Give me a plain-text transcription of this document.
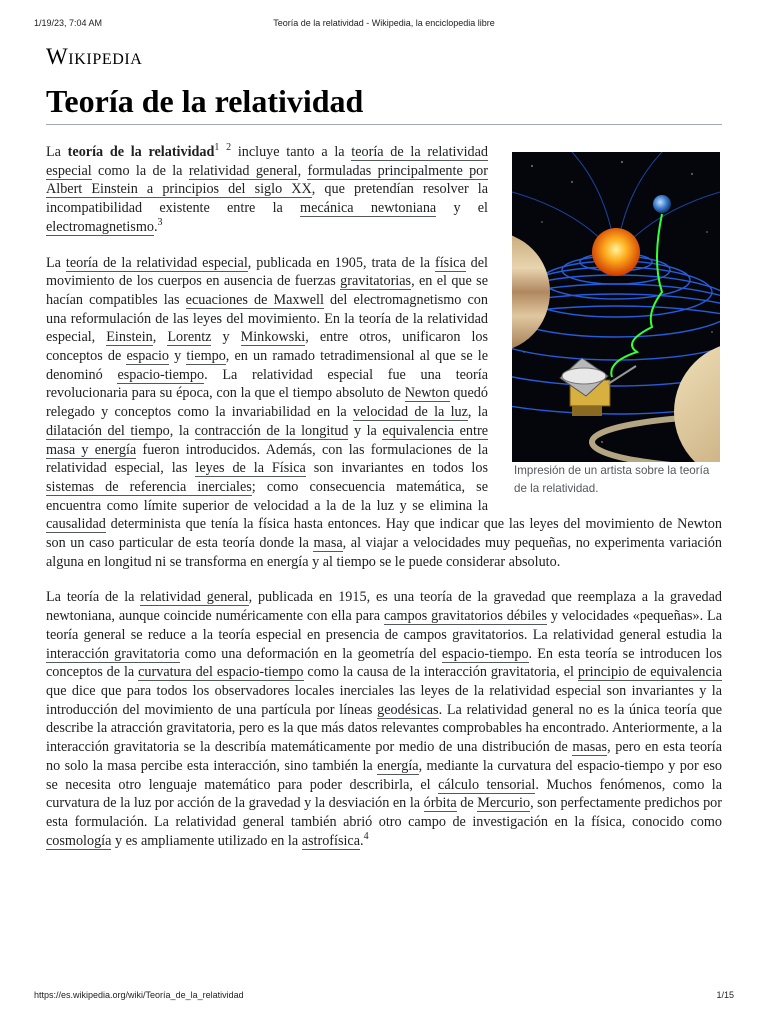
1/19/23, 7:04 AM	Teoría de la relatividad - Wikipedia, la enciclopedia libre
Wikipedia
Teoría de la relatividad
Impresión de un artista sobre la teoría de la relatividad.

La teoría de la relatividad$^1$ $^2$ incluye tanto a la teoría de la relatividad especial como la de la relatividad general, formuladas principalmente por Albert Einstein a principios del siglo XX, que pretendían resolver la incompatibilidad existente entre la mecánica newtoniana y el electromagnetismo.$^3$

La teoría de la relatividad especial, publicada en 1905, trata de la física del movimiento de los cuerpos en ausencia de fuerzas gravitatorias, en el que se hacían compatibles las ecuaciones de Maxwell del electromagnetismo con una reformulación de las leyes del movimiento. En la teoría de la relatividad especial, Einstein, Lorentz y Minkowski, entre otros, unificaron los conceptos de espacio y tiempo, en un ramado tetradimensional al que se le denominó espacio-tiempo. La relatividad especial fue una teoría revolucionaria para su época, con la que el tiempo absoluto de Newton quedó relegado y conceptos como la invariabilidad en la velocidad de la luz, la dilatación del tiempo, la contracción de la longitud y la equivalencia entre masa y energía fueron introducidos. Además, con las formulaciones de la relatividad especial, las leyes de la Física son invariantes en todos los sistemas de referencia inerciales; como consecuencia matemática, se encuentra como límite superior de velocidad a la de la luz y se elimina la causalidad determinista que tenía la física hasta entonces. Hay que indicar que las leyes del movimiento de Newton son un caso particular de esta teoría donde la masa, al viajar a velocidades muy pequeñas, no experimenta variación alguna en longitud ni se transforma en energía y al tiempo se le puede considerar absoluto.

La teoría de la relatividad general, publicada en 1915, es una teoría de la gravedad que reemplaza a la gravedad newtoniana, aunque coincide numéricamente con ella para campos gravitatorios débiles y velocidades «pequeñas». La teoría general se reduce a la teoría especial en presencia de campos gravitatorios. La relatividad general estudia la interacción gravitatoria como una deformación en la geometría del espacio-tiempo. En esta teoría se introducen los conceptos de la curvatura del espacio-tiempo como la causa de la interacción gravitatoria, el principio de equivalencia que dice que para todos los observadores locales inerciales las leyes de la relatividad especial son invariantes y la introducción del movimiento de una partícula por líneas geodésicas. La relatividad general no es la única teoría que describe la atracción gravitatoria, pero es la que más datos relevantes comprobables ha encontrado. Anteriormente, a la interacción gravitatoria se la describía matemáticamente por medio de una distribución de masas, pero en esta teoría no solo la masa percibe esta interacción, sino también la energía, mediante la curvatura del espacio-tiempo y por eso se necesita otro lenguaje matemático para poder describirla, el cálculo tensorial. Muchos fenómenos, como la curvatura de la luz por acción de la gravedad y la desviación en la órbita de Mercurio, son perfectamente predichos por esta formulación. La relatividad general también abrió otro campo de investigación en la física, conocido como cosmología y es ampliamente utilizado en la astrofísica.$^4$

https://es.wikipedia.org/wiki/Teoría_de_la_relatividad	1/15
